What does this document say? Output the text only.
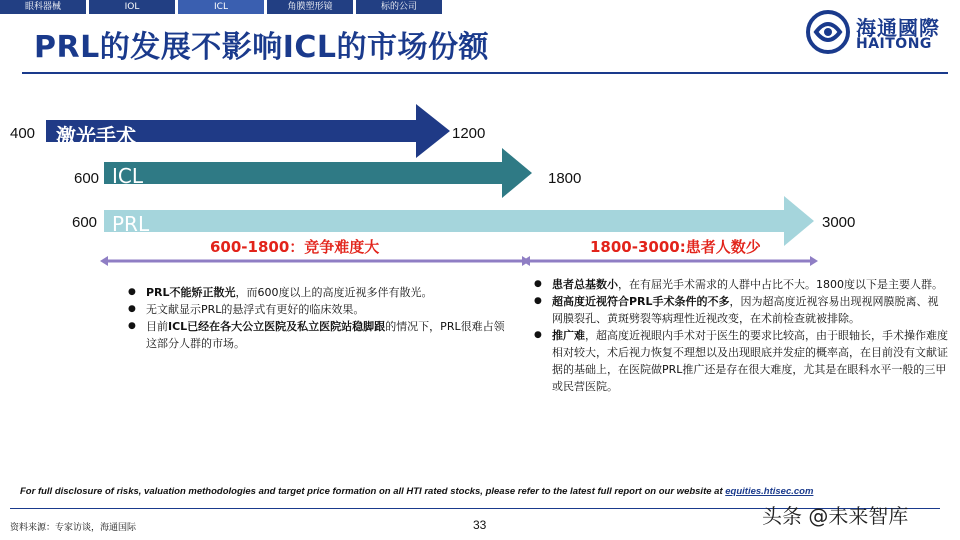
眼科器械	IOL	ICL	角膜塑形镜	标的公司
PRL的发展不影响ICL的市场份额
海通國際
HAITONG
激光手术
400	1200
ICL
600	1800
PRL
600	3000
600-1800：竞争难度大	1800-3000:患者人数少
● PRL不能矫正散光，而600度以上的高度近视多伴有散光。
● 无文献显示PRL的悬浮式有更好的临床效果。
● 目前ICL已经在各大公立医院及私立医院站稳脚跟的情况下，PRL很难占领这部分人群的市场。
● 患者总基数小，在有屈光手术需求的人群中占比不大。1800度以下是主要人群。
● 超高度近视符合PRL手术条件的不多，因为超高度近视容易出现视网膜脱离、视网膜裂孔、黄斑劈裂等病理性近视改变，在术前检查就被排除。
● 推广难，超高度近视眼内手术对于医生的要求比较高，由于眼轴长，手术操作难度相对较大，术后视力恢复不理想以及出现眼底并发症的概率高，在目前没有文献证据的基础上，在医院做PRL推广还是存在很大难度，尤其是在眼科水平一般的三甲或民营医院。
For full disclosure of risks, valuation methodologies and target price formation on all HTI rated stocks, please refer to the latest full report on our website at equities.htisec.com
资料来源：专家访谈，海通国际	33	头条 @未来智库
